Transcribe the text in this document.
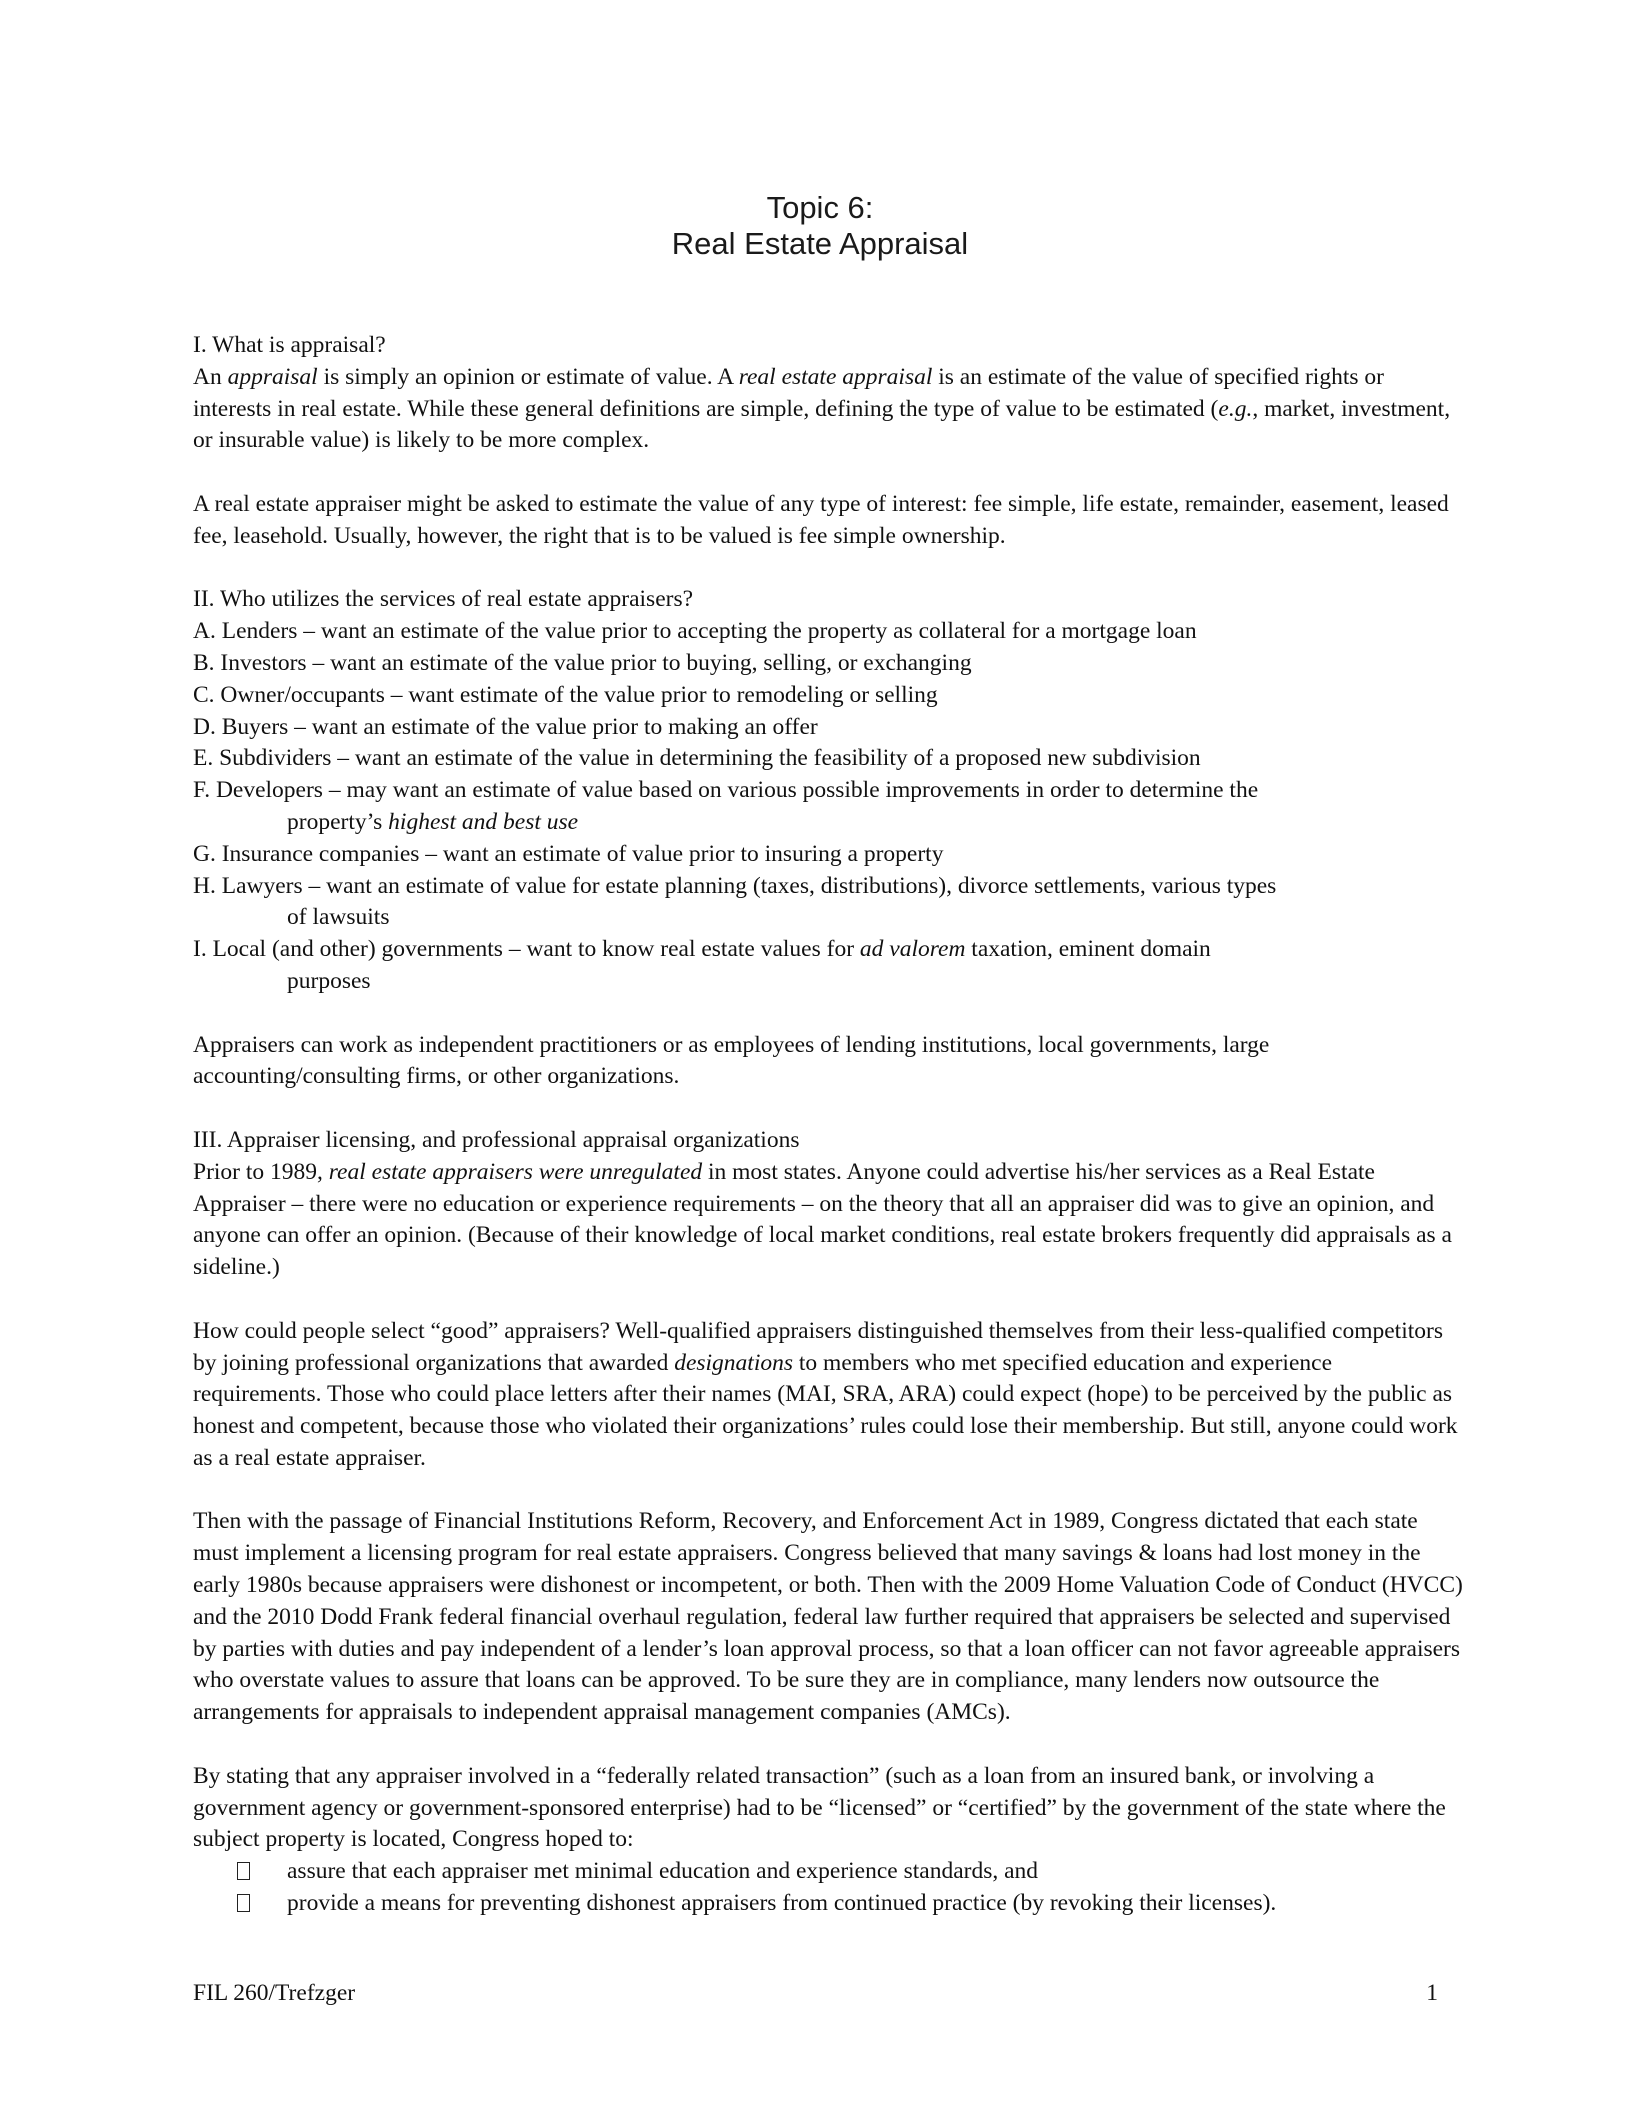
Topic 6:
Real Estate Appraisal
I. What is appraisal?

An appraisal is simply an opinion or estimate of value. A real estate appraisal is an estimate of the value of specified rights or interests in real estate. While these general definitions are simple, defining the type of value to be estimated (e.g., market, investment, or insurable value) is likely to be more complex.

A real estate appraiser might be asked to estimate the value of any type of interest: fee simple, life estate, remainder, easement, leased fee, leasehold. Usually, however, the right that is to be valued is fee simple ownership.

II. Who utilizes the services of real estate appraisers?
A. Lenders – want an estimate of the value prior to accepting the property as collateral for a mortgage loan
B. Investors – want an estimate of the value prior to buying, selling, or exchanging
C. Owner/occupants – want estimate of the value prior to remodeling or selling
D. Buyers – want an estimate of the value prior to making an offer
E. Subdividers – want an estimate of the value in determining the feasibility of a proposed new subdivision
F. Developers – may want an estimate of value based on various possible improvements in order to determine the
property’s highest and best use
G. Insurance companies – want an estimate of value prior to insuring a property
H. Lawyers – want an estimate of value for estate planning (taxes, distributions), divorce settlements, various types
of lawsuits
I. Local (and other) governments – want to know real estate values for ad valorem taxation, eminent domain
purposes

Appraisers can work as independent practitioners or as employees of lending institutions, local governments, large accounting/consulting firms, or other organizations.

III. Appraiser licensing, and professional appraisal organizations

Prior to 1989, real estate appraisers were unregulated in most states. Anyone could advertise his/her services as a Real Estate Appraiser – there were no education or experience requirements – on the theory that all an appraiser did was to give an opinion, and anyone can offer an opinion. (Because of their knowledge of local market conditions, real estate brokers frequently did appraisals as a sideline.)

How could people select “good” appraisers? Well-qualified appraisers distinguished themselves from their less-qualified competitors by joining professional organizations that awarded designations to members who met specified education and experience requirements. Those who could place letters after their names (MAI, SRA, ARA) could expect (hope) to be perceived by the public as honest and competent, because those who violated their organizations’ rules could lose their membership. But still, anyone could work as a real estate appraiser.

Then with the passage of Financial Institutions Reform, Recovery, and Enforcement Act in 1989, Congress dictated that each state must implement a licensing program for real estate appraisers. Congress believed that many savings & loans had lost money in the early 1980s because appraisers were dishonest or incompetent, or both. Then with the 2009 Home Valuation Code of Conduct (HVCC) and the 2010 Dodd Frank federal financial overhaul regulation, federal law further required that appraisers be selected and supervised by parties with duties and pay independent of a lender’s loan approval process, so that a loan officer can not favor agreeable appraisers who overstate values to assure that loans can be approved. To be sure they are in compliance, many lenders now outsource the arrangements for appraisals to independent appraisal management companies (AMCs).

By stating that any appraiser involved in a “federally related transaction” (such as a loan from an insured bank, or involving a government agency or government-sponsored enterprise) had to be “licensed” or “certified” by the government of the state where the subject property is located, Congress hoped to:

assure that each appraiser met minimal education and experience standards, and
provide a means for preventing dishonest appraisers from continued practice (by revoking their licenses).
FIL 260/Trefzger	1
